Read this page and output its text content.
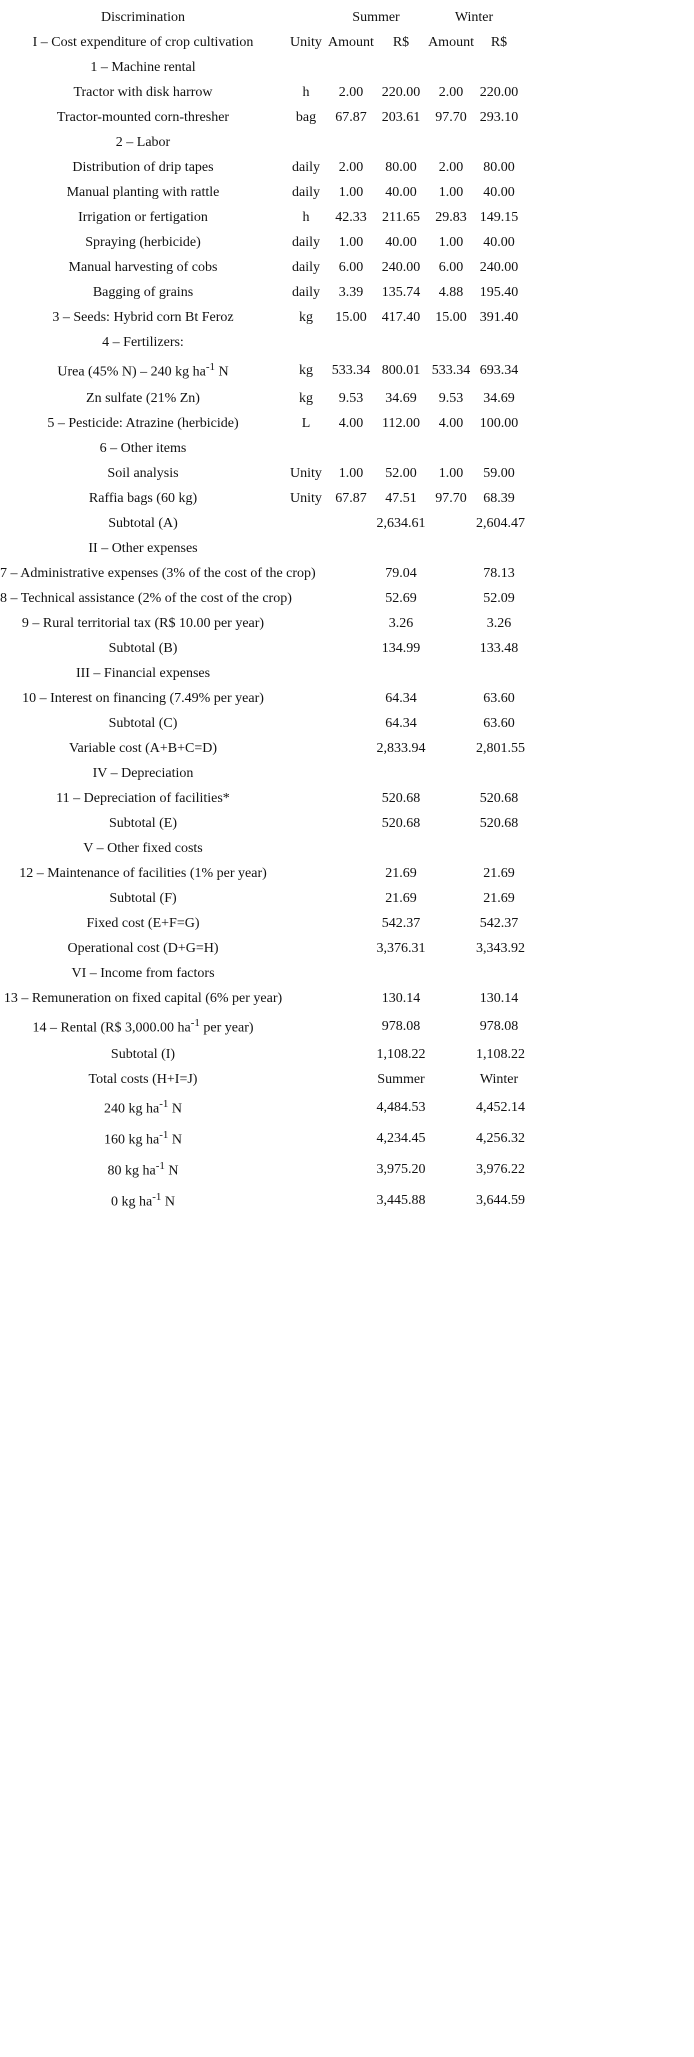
Discrimination		Summer		Winter	
I – Cost expenditure of crop cultivation	Unity	Amount	R$	Amount	R$
1 – Machine rental					
Tractor with disk harrow	h	2.00	220.00	2.00	220.00
Tractor-mounted corn-thresher	bag	67.87	203.61	97.70	293.10
2 – Labor					
Distribution of drip tapes	daily	2.00	80.00	2.00	80.00
Manual planting with rattle	daily	1.00	40.00	1.00	40.00
Irrigation or fertigation	h	42.33	211.65	29.83	149.15
Spraying (herbicide)	daily	1.00	40.00	1.00	40.00
Manual harvesting of cobs	daily	6.00	240.00	6.00	240.00
Bagging of grains	daily	3.39	135.74	4.88	195.40
3 – Seeds: Hybrid corn Bt Feroz	kg	15.00	417.40	15.00	391.40
4 – Fertilizers:					
Urea (45% N) – 240 kg $ha^{-1}$ N	kg	533.34	800.01	533.34	693.34
Zn sulfate (21% Zn)	kg	9.53	34.69	9.53	34.69
5 – Pesticide: Atrazine (herbicide)	L	4.00	112.00	4.00	100.00
6 – Other items					
Soil analysis	Unity	1.00	52.00	1.00	59.00
Raffia bags (60 kg)	Unity	67.87	47.51	97.70	68.39
Subtotal (A)			2,634.61		2,604.47
II – Other expenses					
7 – Administrative expenses (3% of the cost of the crop)			79.04		78.13
8 – Technical assistance (2% of the cost of the crop)			52.69		52.09
9 – Rural territorial tax (R$ 10.00 per year)			3.26		3.26
Subtotal (B)			134.99		133.48
III – Financial expenses					
10 – Interest on financing (7.49% per year)			64.34		63.60
Subtotal (C)			64.34		63.60
Variable cost (A+B+C=D)			2,833.94		2,801.55
IV – Depreciation					
11 – Depreciation of facilities*			520.68		520.68
Subtotal (E)			520.68		520.68
V – Other fixed costs					
12 – Maintenance of facilities (1% per year)			21.69		21.69
Subtotal (F)			21.69		21.69
Fixed cost (E+F=G)			542.37		542.37
Operational cost (D+G=H)			3,376.31		3,343.92
VI – Income from factors					
13 – Remuneration on fixed capital (6% per year)			130.14		130.14
14 – Rental (R$ 3,000.00 $ha^{-1}$ per year)			978.08		978.08
Subtotal (I)			1,108.22		1,108.22
Total costs (H+I=J)			Summer		Winter
240 kg $ha^{-1}$ N			4,484.53		4,452.14
160 kg $ha^{-1}$ N			4,234.45		4,256.32
80 kg $ha^{-1}$ N			3,975.20		3,976.22
0 kg $ha^{-1}$ N			3,445.88		3,644.59
